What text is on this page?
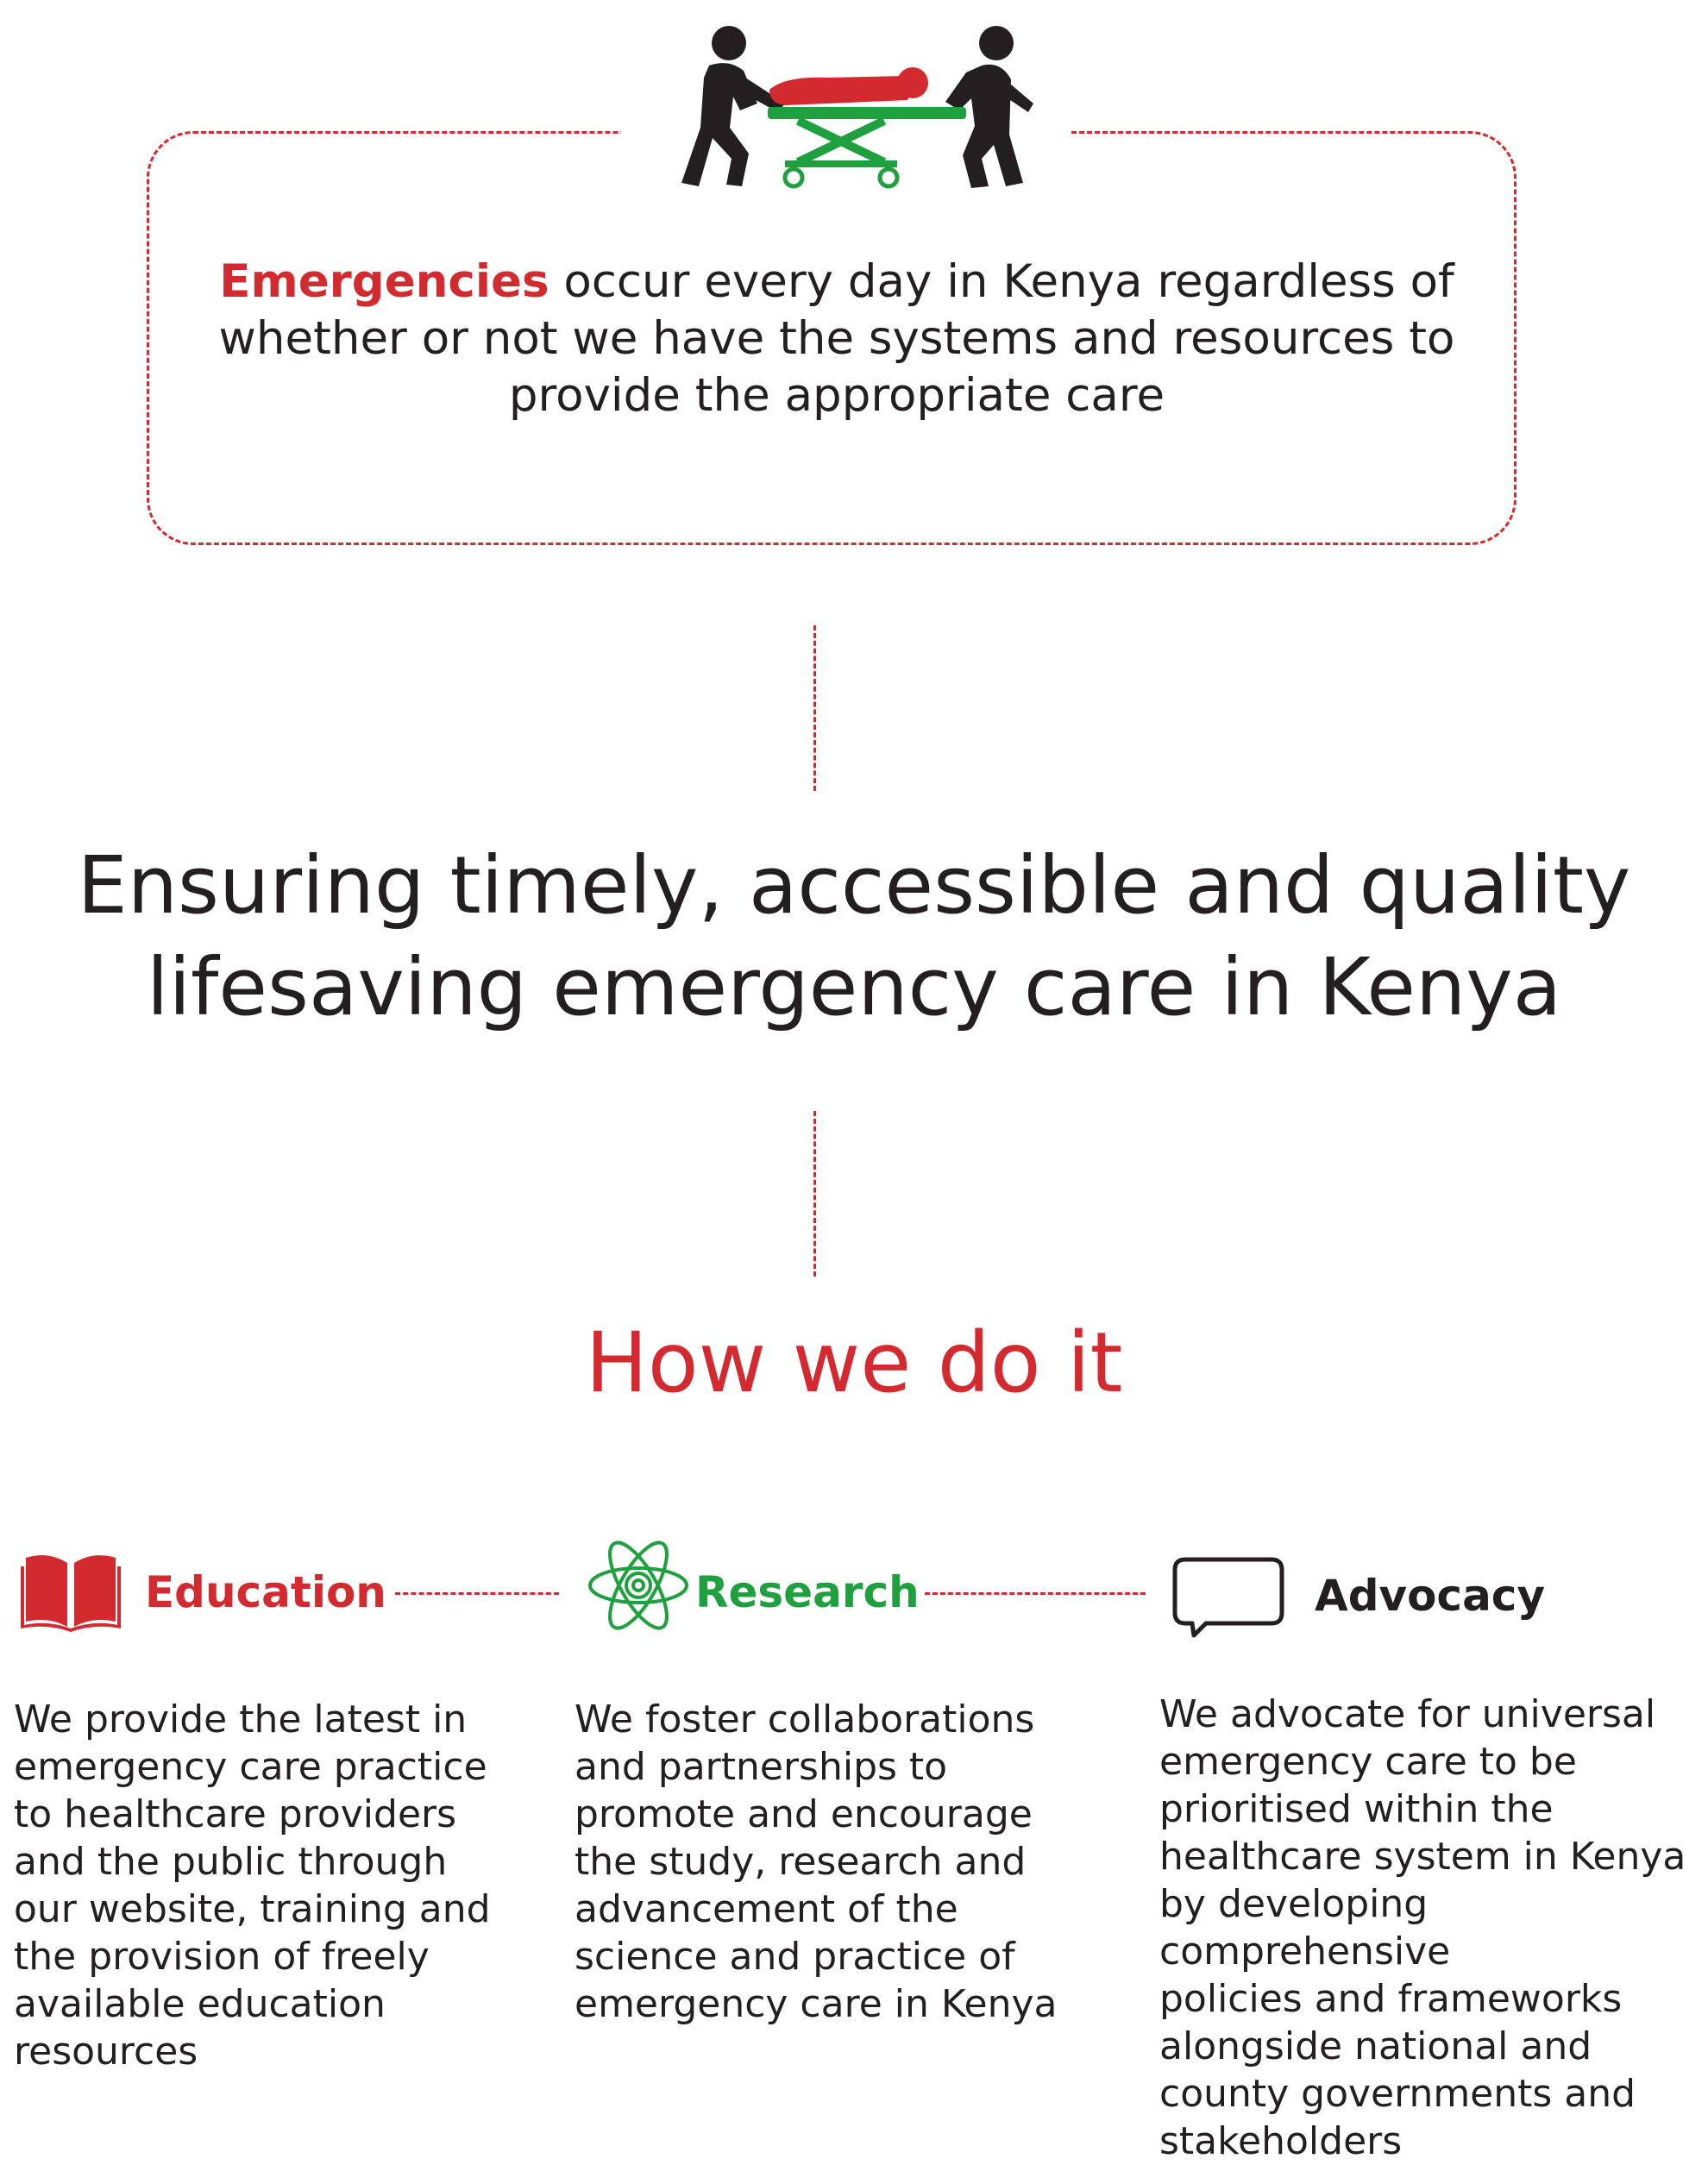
Emergencies occur every day in Kenya regardless of whether or not we have the systems and resources to provide the appropriate care
Ensuring timely, accessible and quality
lifesaving emergency care in Kenya
How we do it
Education	Research	Advocacy
We provide the latest in
emergency care practice
to healthcare providers
and the public through
our website, training and
the provision of freely
available education
resources
We foster collaborations
and partnerships to
promote and encourage
the study, research and
advancement of the
science and practice of
emergency care in Kenya
We advocate for universal
emergency care to be
prioritised within the
healthcare system in Kenya
by developing comprehensive
policies and frameworks
alongside national and
county governments and
stakeholders
